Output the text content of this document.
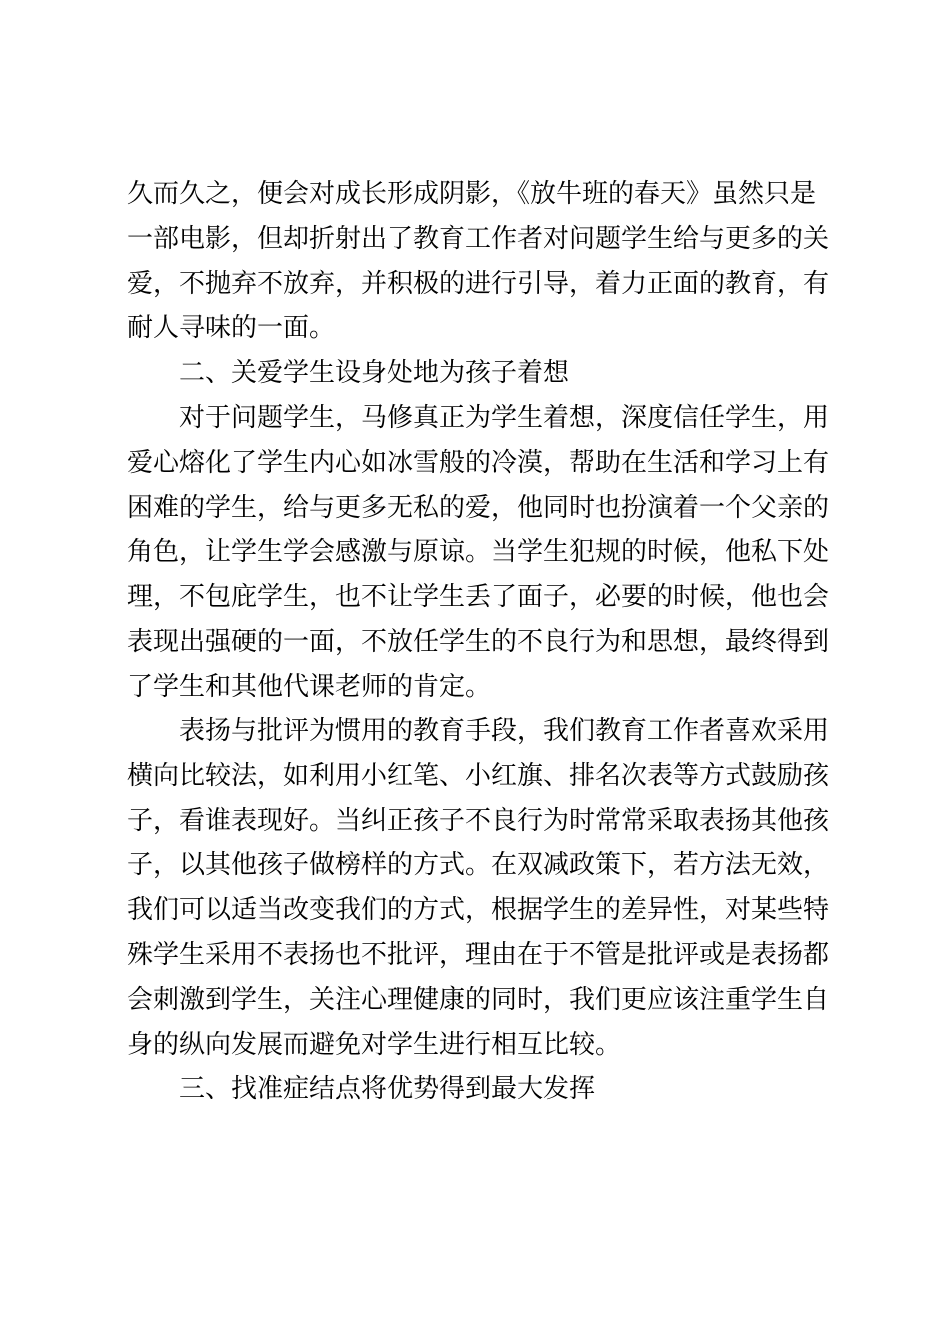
久而久之，便会对成长形成阴影，《放牛班的春天》虽然只是
一部电影，但却折射出了教育工作者对问题学生给与更多的关
爱，不抛弃不放弃，并积极的进行引导，着力正面的教育，有
耐人寻味的一面。
二、关爱学生设身处地为孩子着想
对于问题学生，马修真正为学生着想，深度信任学生，用
爱心熔化了学生内心如冰雪般的冷漠，帮助在生活和学习上有
困难的学生，给与更多无私的爱，他同时也扮演着一个父亲的
角色，让学生学会感激与原谅。当学生犯规的时候，他私下处
理，不包庇学生，也不让学生丢了面子，必要的时候，他也会
表现出强硬的一面，不放任学生的不良行为和思想，最终得到
了学生和其他代课老师的肯定。
表扬与批评为惯用的教育手段，我们教育工作者喜欢采用
横向比较法，如利用小红笔、小红旗、排名次表等方式鼓励孩
子，看谁表现好。当纠正孩子不良行为时常常采取表扬其他孩
子，以其他孩子做榜样的方式。在双减政策下，若方法无效，
我们可以适当改变我们的方式，根据学生的差异性，对某些特
殊学生采用不表扬也不批评，理由在于不管是批评或是表扬都
会刺激到学生，关注心理健康的同时，我们更应该注重学生自
身的纵向发展而避免对学生进行相互比较。
三、找准症结点将优势得到最大发挥
